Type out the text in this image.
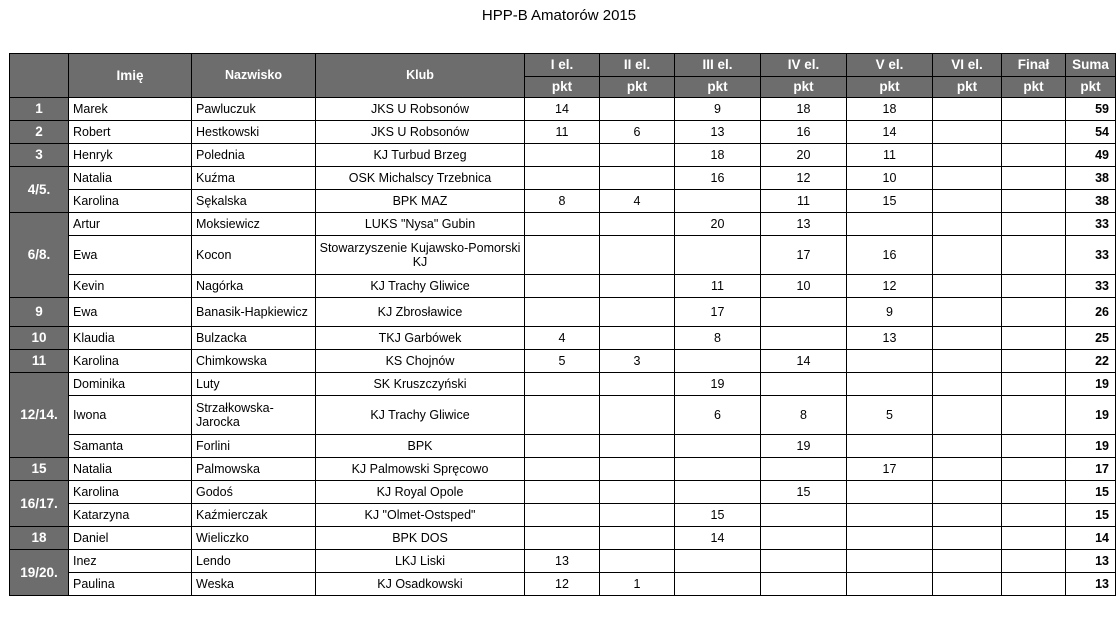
HPP-B Amatorów 2015
	Imię	Nazwisko	Klub	I el.	II el.	III el.	IV el.	V el.	VI el.	Finał	Suma
				pkt	pkt	pkt	pkt	pkt	pkt	pkt	pkt
1	Marek	Pawluczuk	JKS U Robsonów	14		9	18	18			59
2	Robert	Hestkowski	JKS U Robsonów	11	6	13	16	14			54
3	Henryk	Polednia	KJ Turbud Brzeg			18	20	11			49
4/5.	Natalia	Kuźma	OSK Michalscy Trzebnica			16	12	10			38
	Karolina	Sękalska	BPK MAZ	8	4		11	15			38
6/8.	Artur	Moksiewicz	LUKS "Nysa" Gubin			20	13				33
	Ewa	Kocon	Stowarzyszenie Kujawsko-Pomorski KJ				17	16			33
	Kevin	Nagórka	KJ Trachy Gliwice			11	10	12			33
9	Ewa	Banasik-Hapkiewicz	KJ Zbrosławice			17		9			26
10	Klaudia	Bulzacka	TKJ Garbówek	4		8		13			25
11	Karolina	Chimkowska	KS Chojnów	5	3		14				22
12/14.	Dominika	Luty	SK Kruszczyński			19					19
	Iwona	Strzałkowska-Jarocka	KJ Trachy Gliwice			6	8	5			19
	Samanta	Forlini	BPK				19				19
15	Natalia	Palmowska	KJ Palmowski Spręcowo					17			17
16/17.	Karolina	Godoś	KJ Royal Opole				15				15
	Katarzyna	Kaźmierczak	KJ "Olmet-Ostsped"			15					15
18	Daniel	Wieliczko	BPK DOS			14					14
19/20.	Inez	Lendo	LKJ Liski	13							13
	Paulina	Weska	KJ Osadkowski	12	1						13
